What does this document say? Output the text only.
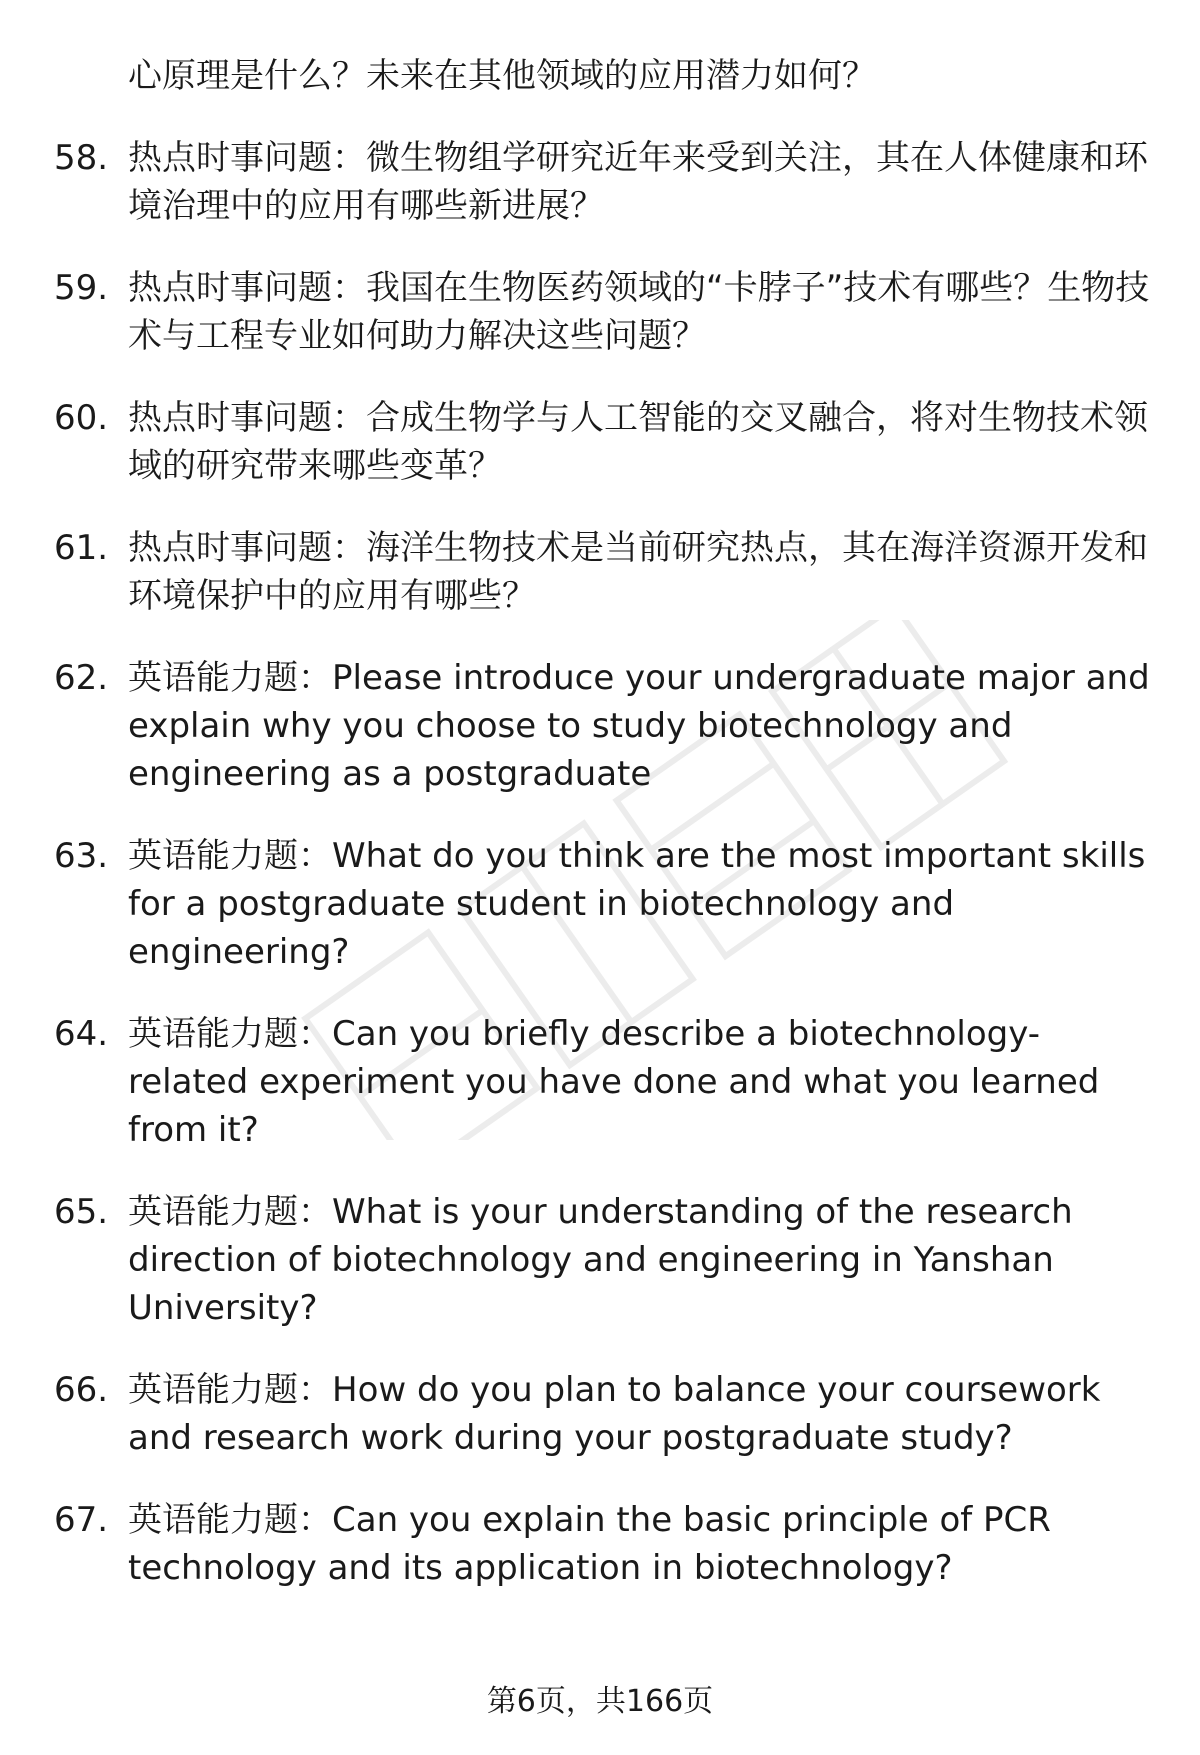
心原理是什么？未来在其他领域的应用潜力如何？
58. 热点时事问题：微生物组学研究近年来受到关注，其在人体健康和环境治理中的应用有哪些新进展？
59. 热点时事问题：我国在生物医药领域的“卡脖子”技术有哪些？生物技术与工程专业如何助力解决这些问题？
60. 热点时事问题：合成生物学与人工智能的交叉融合，将对生物技术领域的研究带来哪些变革？
61. 热点时事问题：海洋生物技术是当前研究热点，其在海洋资源开发和环境保护中的应用有哪些？
62. 英语能力题：Please introduce your undergraduate major and explain why you choose to study biotechnology and engineering as a postgraduate
63. 英语能力题：What do you think are the most important skills for a postgraduate student in biotechnology and engineering?
64. 英语能力题：Can you briefly describe a biotechnology-related experiment you have done and what you learned from it?
65. 英语能力题：What is your understanding of the research direction of biotechnology and engineering in Yanshan University?
66. 英语能力题：How do you plan to balance your coursework and research work during your postgraduate study?
67. 英语能力题：Can you explain the basic principle of PCR technology and its application in biotechnology?
第6页，共166页
